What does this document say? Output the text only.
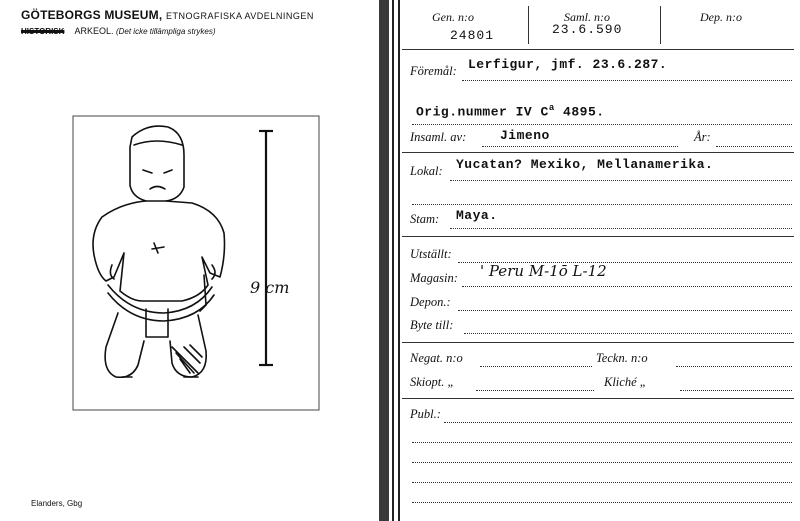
GÖTEBORGS MUSEUM, ETNOGRAFISKA AVDELNINGEN
HISTORISK ARKEOL. (Det icke tillämpliga strykes)
9 cm
Elanders, Gbg
Gen. n:o
24801
Saml. n:o
23.6.590
Dep. n:o
Föremål: Lerfigur, jmf. 23.6.287.
Orig.nummer IV $C^a$ 4895.
Insaml. av:	Jimeno	År:
Lokal: Yucatan? Mexiko, Mellanamerika.
Stam: Maya.
Utställt:
Magasin: ' Peru M-1ō L-12
Depon.:
Byte till:
Negat. n:o	Teckn. n:o
Skiopt. „	Kliché „
Publ.:
